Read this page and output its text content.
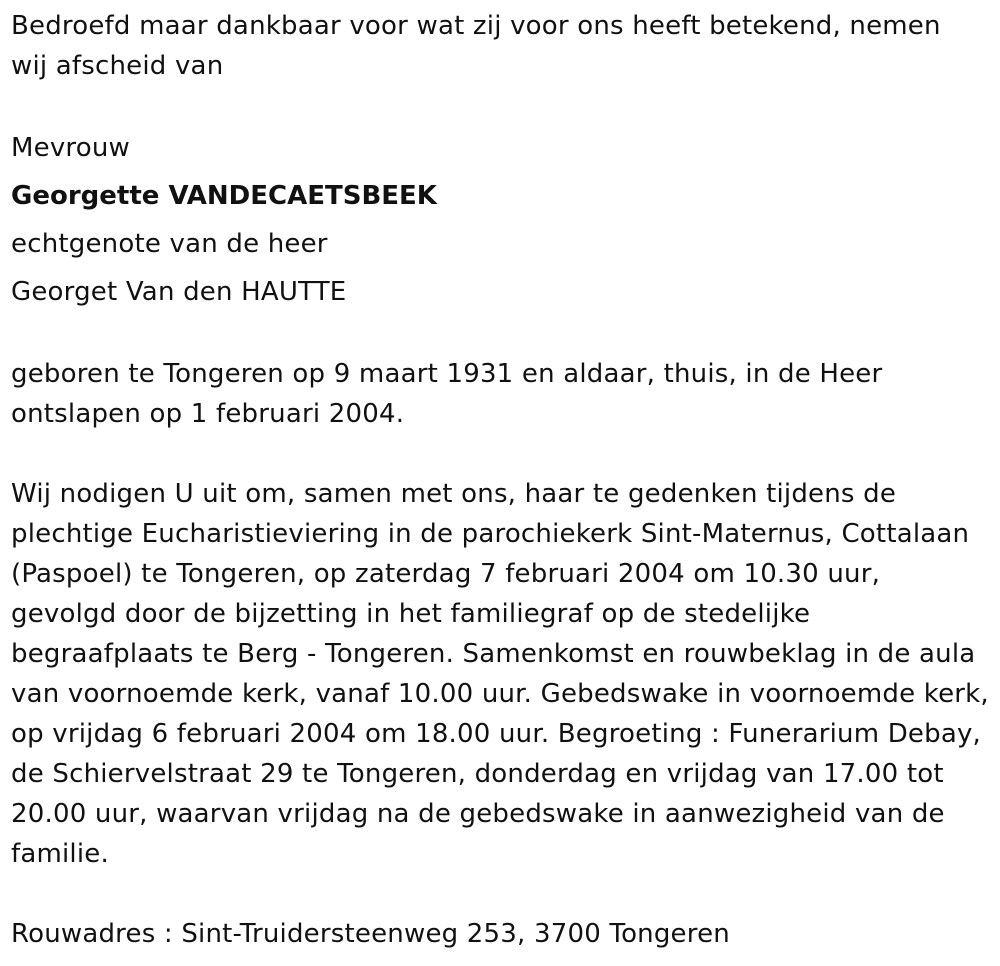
Bedroefd maar dankbaar voor wat zij voor ons heeft betekend, nemen
wij afscheid van
Mevrouw
Georgette VANDECAETSBEEK
echtgenote van de heer
Georget Van den HAUTTE
geboren te Tongeren op 9 maart 1931 en aldaar, thuis, in de Heer
ontslapen op 1 februari 2004.
Wij nodigen U uit om, samen met ons, haar te gedenken tijdens de
plechtige Eucharistieviering in de parochiekerk Sint-Maternus, Cottalaan
(Paspoel) te Tongeren, op zaterdag 7 februari 2004 om 10.30 uur,
gevolgd door de bijzetting in het familiegraf op de stedelijke
begraafplaats te Berg - Tongeren. Samenkomst en rouwbeklag in de aula
van voornoemde kerk, vanaf 10.00 uur. Gebedswake in voornoemde kerk,
op vrijdag 6 februari 2004 om 18.00 uur. Begroeting : Funerarium Debay,
de Schiervelstraat 29 te Tongeren, donderdag en vrijdag van 17.00 tot
20.00 uur, waarvan vrijdag na de gebedswake in aanwezigheid van de
familie.
Rouwadres : Sint-Truidersteenweg 253, 3700 Tongeren
